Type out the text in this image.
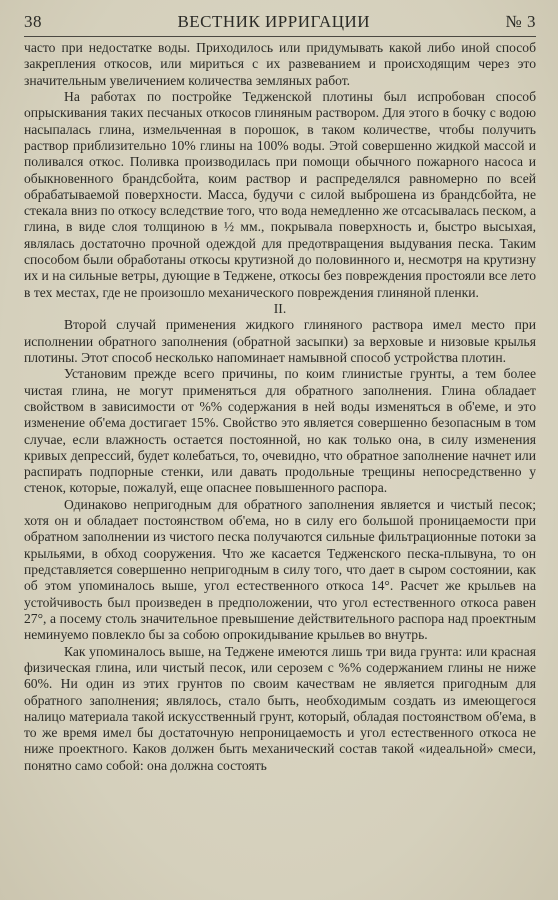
38	ВЕСТНИК ИРРИГАЦИИ	№ 3

часто при недостатке воды. Приходилось или придумывать какой либо иной способ закрепления откосов, или мириться с их развеванием и происходящим через это значительным увеличением количества земляных работ.

На работах по постройке Тедженской плотины был испробован способ опрыскивания таких песчаных откосов глиняным раствором. Для этого в бочку с водою насыпалась глина, измельченная в порошок, в таком количестве, чтобы получить раствор приблизительно 10% глины на 100% воды. Этой совершенно жидкой массой и поливался откос. Поливка производилась при помощи обычного пожарного насоса и обыкновенного брандсбойта, коим раствор и распределялся равномерно по всей обрабатываемой поверхности. Масса, будучи с силой выброшена из брандсбойта, не стекала вниз по откосу вследствие того, что вода немедленно же отсасывалась песком, а глина, в виде слоя толщиною в ½ мм., покрывала поверхность и, быстро высыхая, являлась достаточно прочной одеждой для предотвращения выдувания песка. Таким способом были обработаны откосы крутизной до половинного и, несмотря на крутизну их и на сильные ветры, дующие в Теджене, откосы без повреждения простояли все лето в тех местах, где не произошло механического повреждения глиняной пленки.

II.

Второй случай применения жидкого глиняного раствора имел место при исполнении обратного заполнения (обратной засыпки) за верховые и низовые крылья плотины. Этот способ несколько напоминает намывной способ устройства плотин.

Установим прежде всего причины, по коим глинистые грунты, а тем более чистая глина, не могут применяться для обратного заполнения. Глина обладает свойством в зависимости от %% содержания в ней воды изменяться в об'еме, и это изменение об'ема достигает 15%. Свойство это является совершенно безопасным в том случае, если влажность остается постоянной, но как только она, в силу изменения кривых депрессий, будет колебаться, то, очевидно, что обратное заполнение начнет или распирать подпорные стенки, или давать продольные трещины непосредственно у стенок, которые, пожалуй, еще опаснее повышенного распора.

Одинаково непригодным для обратного заполнения является и чистый песок; хотя он и обладает постоянством об'ема, но в силу его большой проницаемости при обратном заполнении из чистого песка получаются сильные фильтрационные потоки за крыльями, в обход сооружения. Что же касается Тедженского песка-плывуна, то он представляется совершенно непригодным в силу того, что дает в сыром состоянии, как об этом упоминалось выше, угол естественного откоса 14°. Расчет же крыльев на устойчивость был произведен в предположении, что угол естественного откоса равен 27°, а посему столь значительное превышение действительного распора над проектным неминуемо повлекло бы за собою опрокидывание крыльев во внутрь.

Как упоминалось выше, на Теджене имеются лишь три вида грунта: или красная физическая глина, или чистый песок, или серозем с %% содержанием глины не ниже 60%. Ни один из этих грунтов по своим качествам не является пригодным для обратного заполнения; являлось, стало быть, необходимым создать из имеющегося налицо материала такой искусственный грунт, который, обладая постоянством об'ема, в то же время имел бы достаточную непроницаемость и угол естественного откоса не ниже проектного. Каков должен быть механический состав такой «идеальной» смеси, понятно само собой: она должна состоять
